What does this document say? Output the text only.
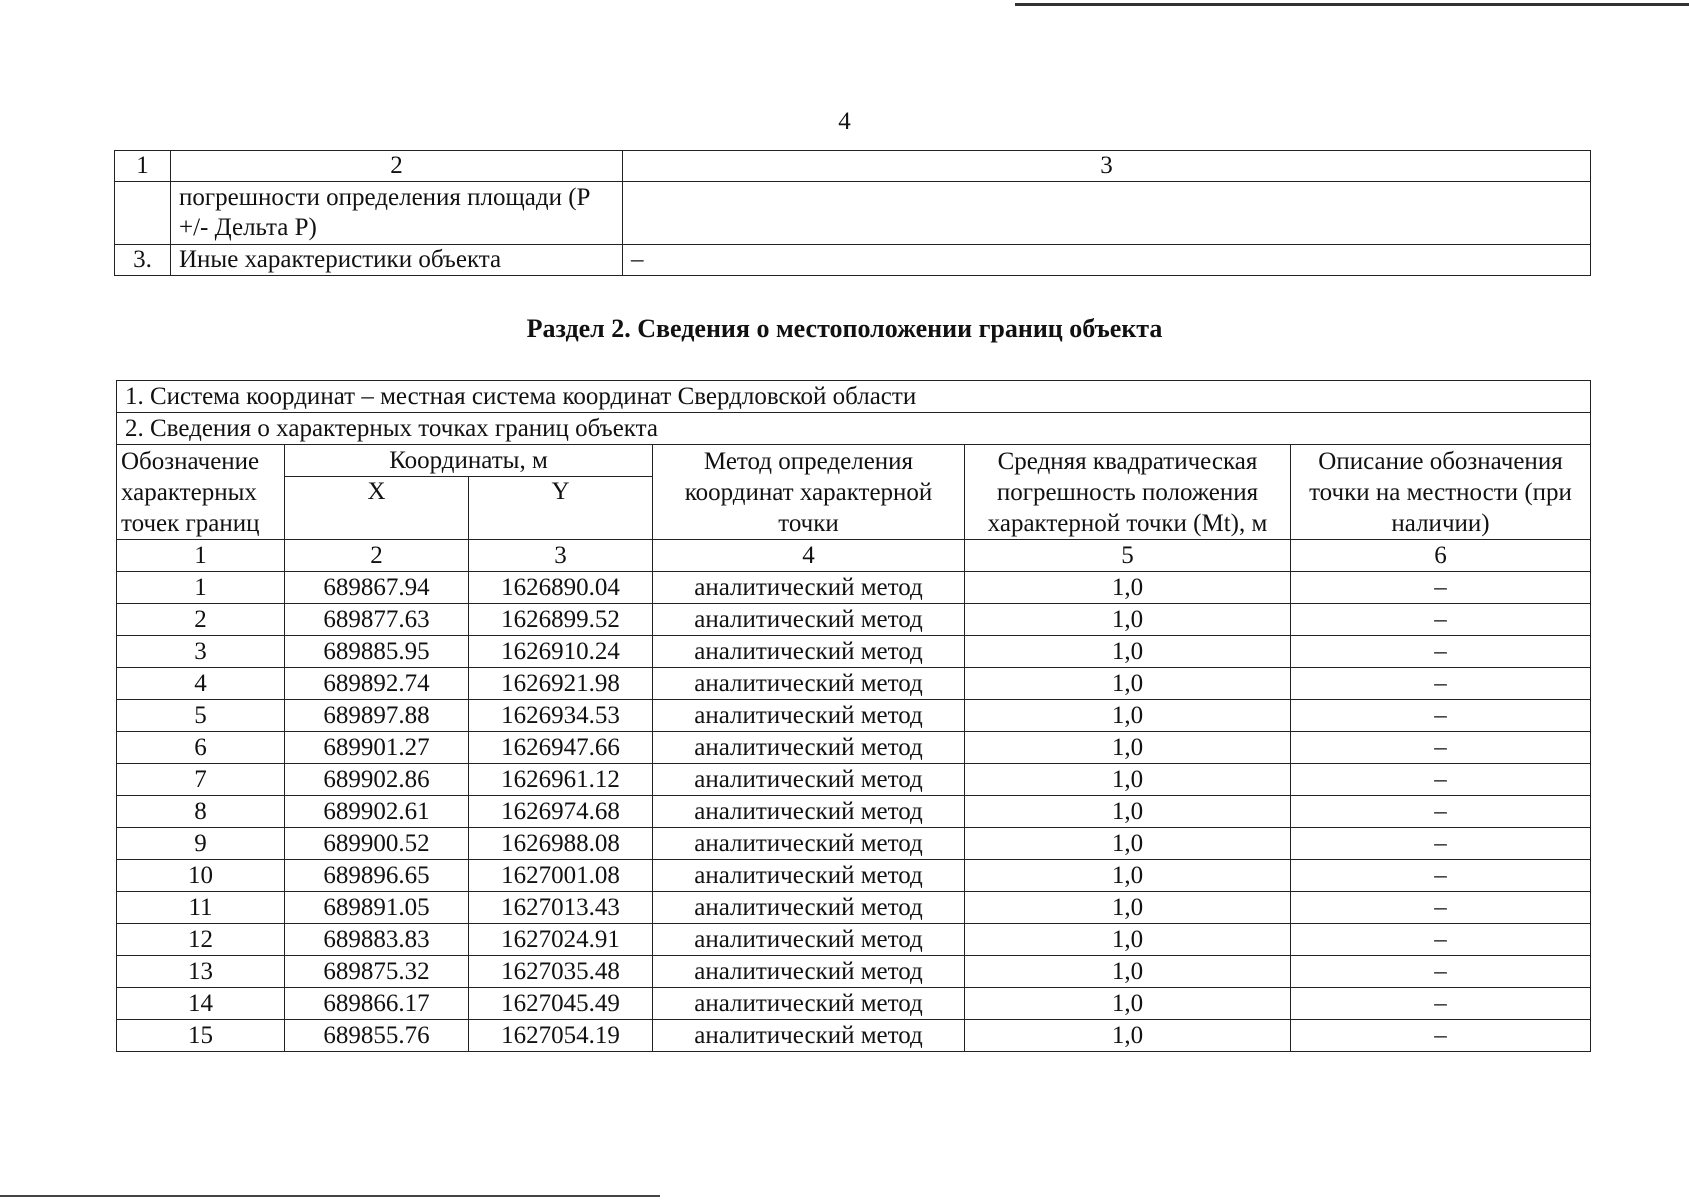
4
1	2	3
	погрешности определения площади (Р +/- Дельта Р)	
3.	Иные характеристики объекта	–
Раздел 2. Сведения о местоположении границ объекта
1. Система координат – местная система координат Свердловской области					
2. Сведения о характерных точках границ объекта					
Обозначение характерных точек границ	Координаты, м		Метод определения координат характерной точки	Средняя квадратическая погрешность положения характерной точки (Mt), м	Описание обозначения точки на местности (при наличии)
	X	Y			
1	2	3	4	5	6
1	689867.94	1626890.04	аналитический метод	1,0	–
2	689877.63	1626899.52	аналитический метод	1,0	–
3	689885.95	1626910.24	аналитический метод	1,0	–
4	689892.74	1626921.98	аналитический метод	1,0	–
5	689897.88	1626934.53	аналитический метод	1,0	–
6	689901.27	1626947.66	аналитический метод	1,0	–
7	689902.86	1626961.12	аналитический метод	1,0	–
8	689902.61	1626974.68	аналитический метод	1,0	–
9	689900.52	1626988.08	аналитический метод	1,0	–
10	689896.65	1627001.08	аналитический метод	1,0	–
11	689891.05	1627013.43	аналитический метод	1,0	–
12	689883.83	1627024.91	аналитический метод	1,0	–
13	689875.32	1627035.48	аналитический метод	1,0	–
14	689866.17	1627045.49	аналитический метод	1,0	–
15	689855.76	1627054.19	аналитический метод	1,0	–
